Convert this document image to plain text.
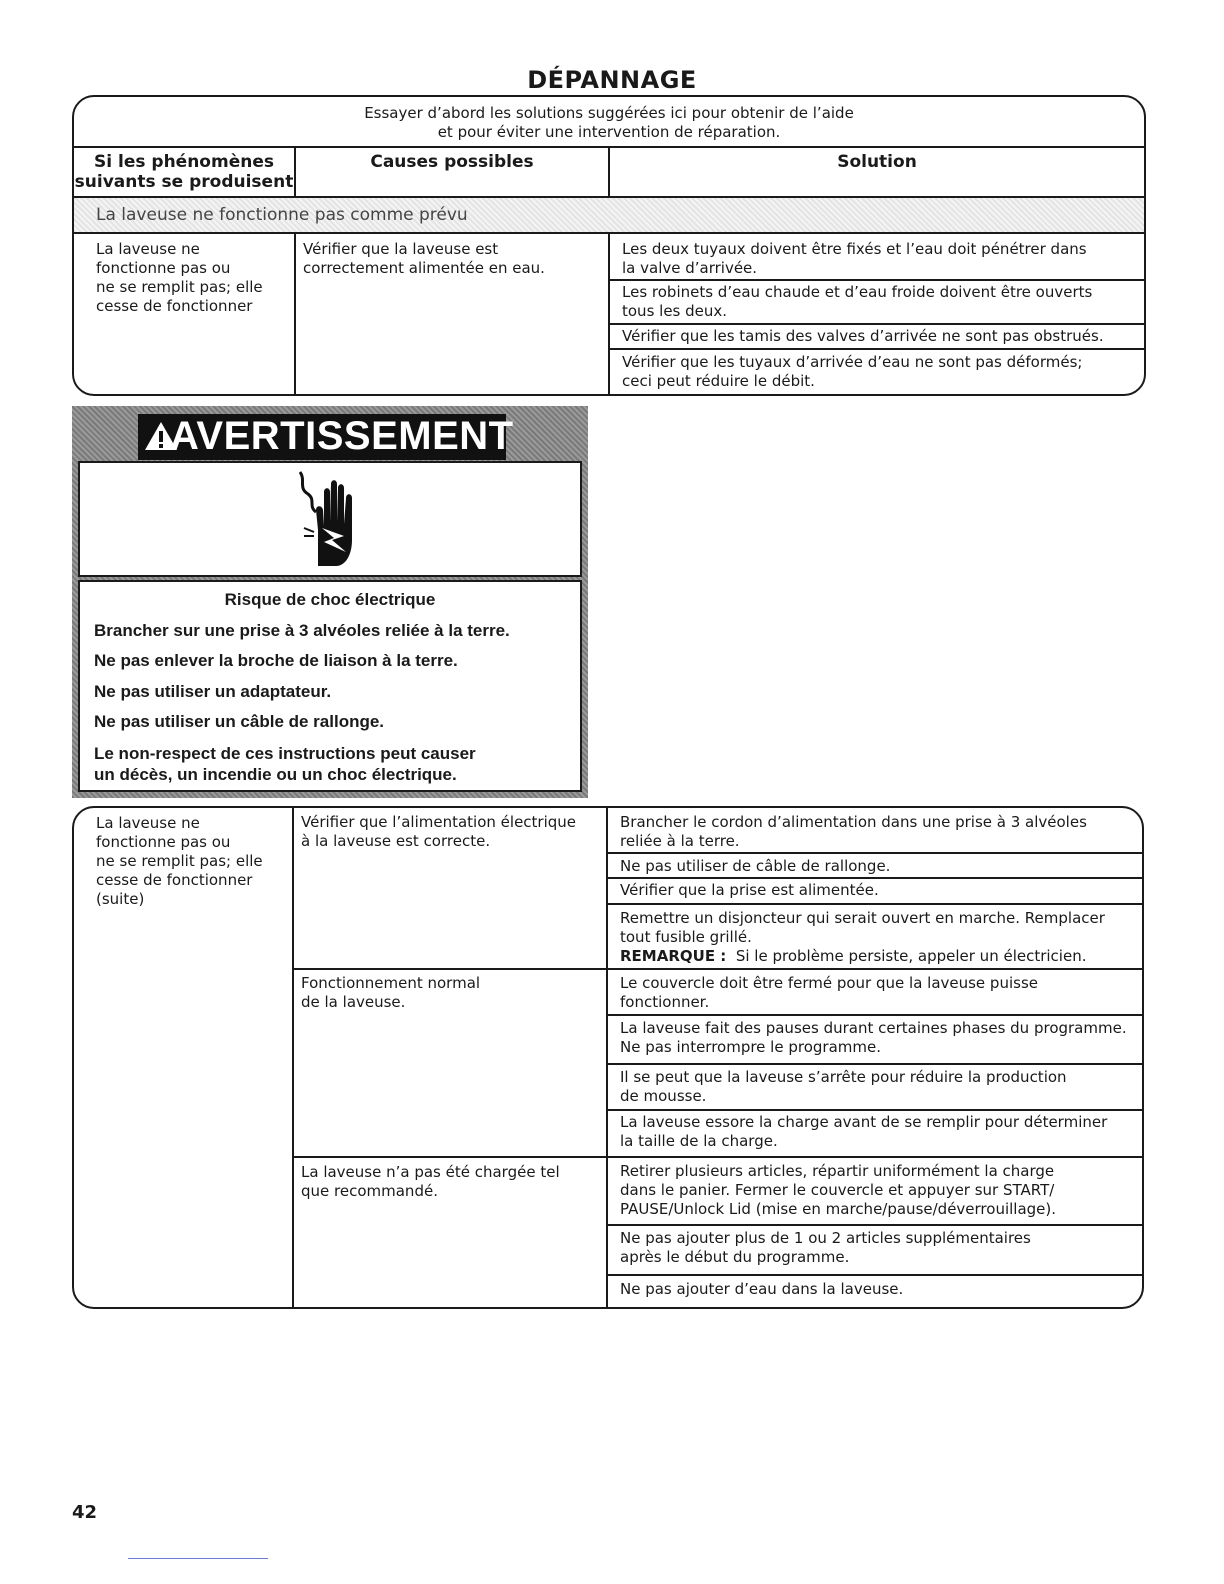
DÉPANNAGE
Essayer d’abord les solutions suggérées ici pour obtenir de l’aide
et pour éviter une intervention de réparation.
Si les phénomènes
suivants se produisent
Causes possibles	Solution
La laveuse ne fonctionne pas comme prévu
La laveuse ne
fonctionne pas ou
ne se remplit pas; elle
cesse de fonctionner
Vérifier que la laveuse est
correctement alimentée en eau.
Les deux tuyaux doivent être fixés et l’eau doit pénétrer dans
la valve d’arrivée.
Les robinets d’eau chaude et d’eau froide doivent être ouverts
tous les deux.
Vérifier que les tamis des valves d’arrivée ne sont pas obstrués.
Vérifier que les tuyaux d’arrivée d’eau ne sont pas déformés;
ceci peut réduire le débit.
AVERTISSEMENT
Risque de choc électrique
Brancher sur une prise à 3 alvéoles reliée à la terre.
Ne pas enlever la broche de liaison à la terre.
Ne pas utiliser un adaptateur.
Ne pas utiliser un câble de rallonge.
Le non-respect de ces instructions peut causer
un décès, un incendie ou un choc électrique.
La laveuse ne
fonctionne pas ou
ne se remplit pas; elle
cesse de fonctionner
(suite)
Vérifier que l’alimentation électrique
à la laveuse est correcte.
Brancher le cordon d’alimentation dans une prise à 3 alvéoles
reliée à la terre.
Ne pas utiliser de câble de rallonge.
Vérifier que la prise est alimentée.
Remettre un disjoncteur qui serait ouvert en marche. Remplacer
tout fusible grillé.
REMARQUE : Si le problème persiste, appeler un électricien.
Fonctionnement normal
de la laveuse.
Le couvercle doit être fermé pour que la laveuse puisse
fonctionner.
La laveuse fait des pauses durant certaines phases du programme.
Ne pas interrompre le programme.
Il se peut que la laveuse s’arrête pour réduire la production
de mousse.
La laveuse essore la charge avant de se remplir pour déterminer
la taille de la charge.
La laveuse n’a pas été chargée tel
que recommandé.
Retirer plusieurs articles, répartir uniformément la charge
dans le panier. Fermer le couvercle et appuyer sur START/
PAUSE/Unlock Lid (mise en marche/pause/déverrouillage).
Ne pas ajouter plus de 1 ou 2 articles supplémentaires
après le début du programme.
Ne pas ajouter d’eau dans la laveuse.
42
